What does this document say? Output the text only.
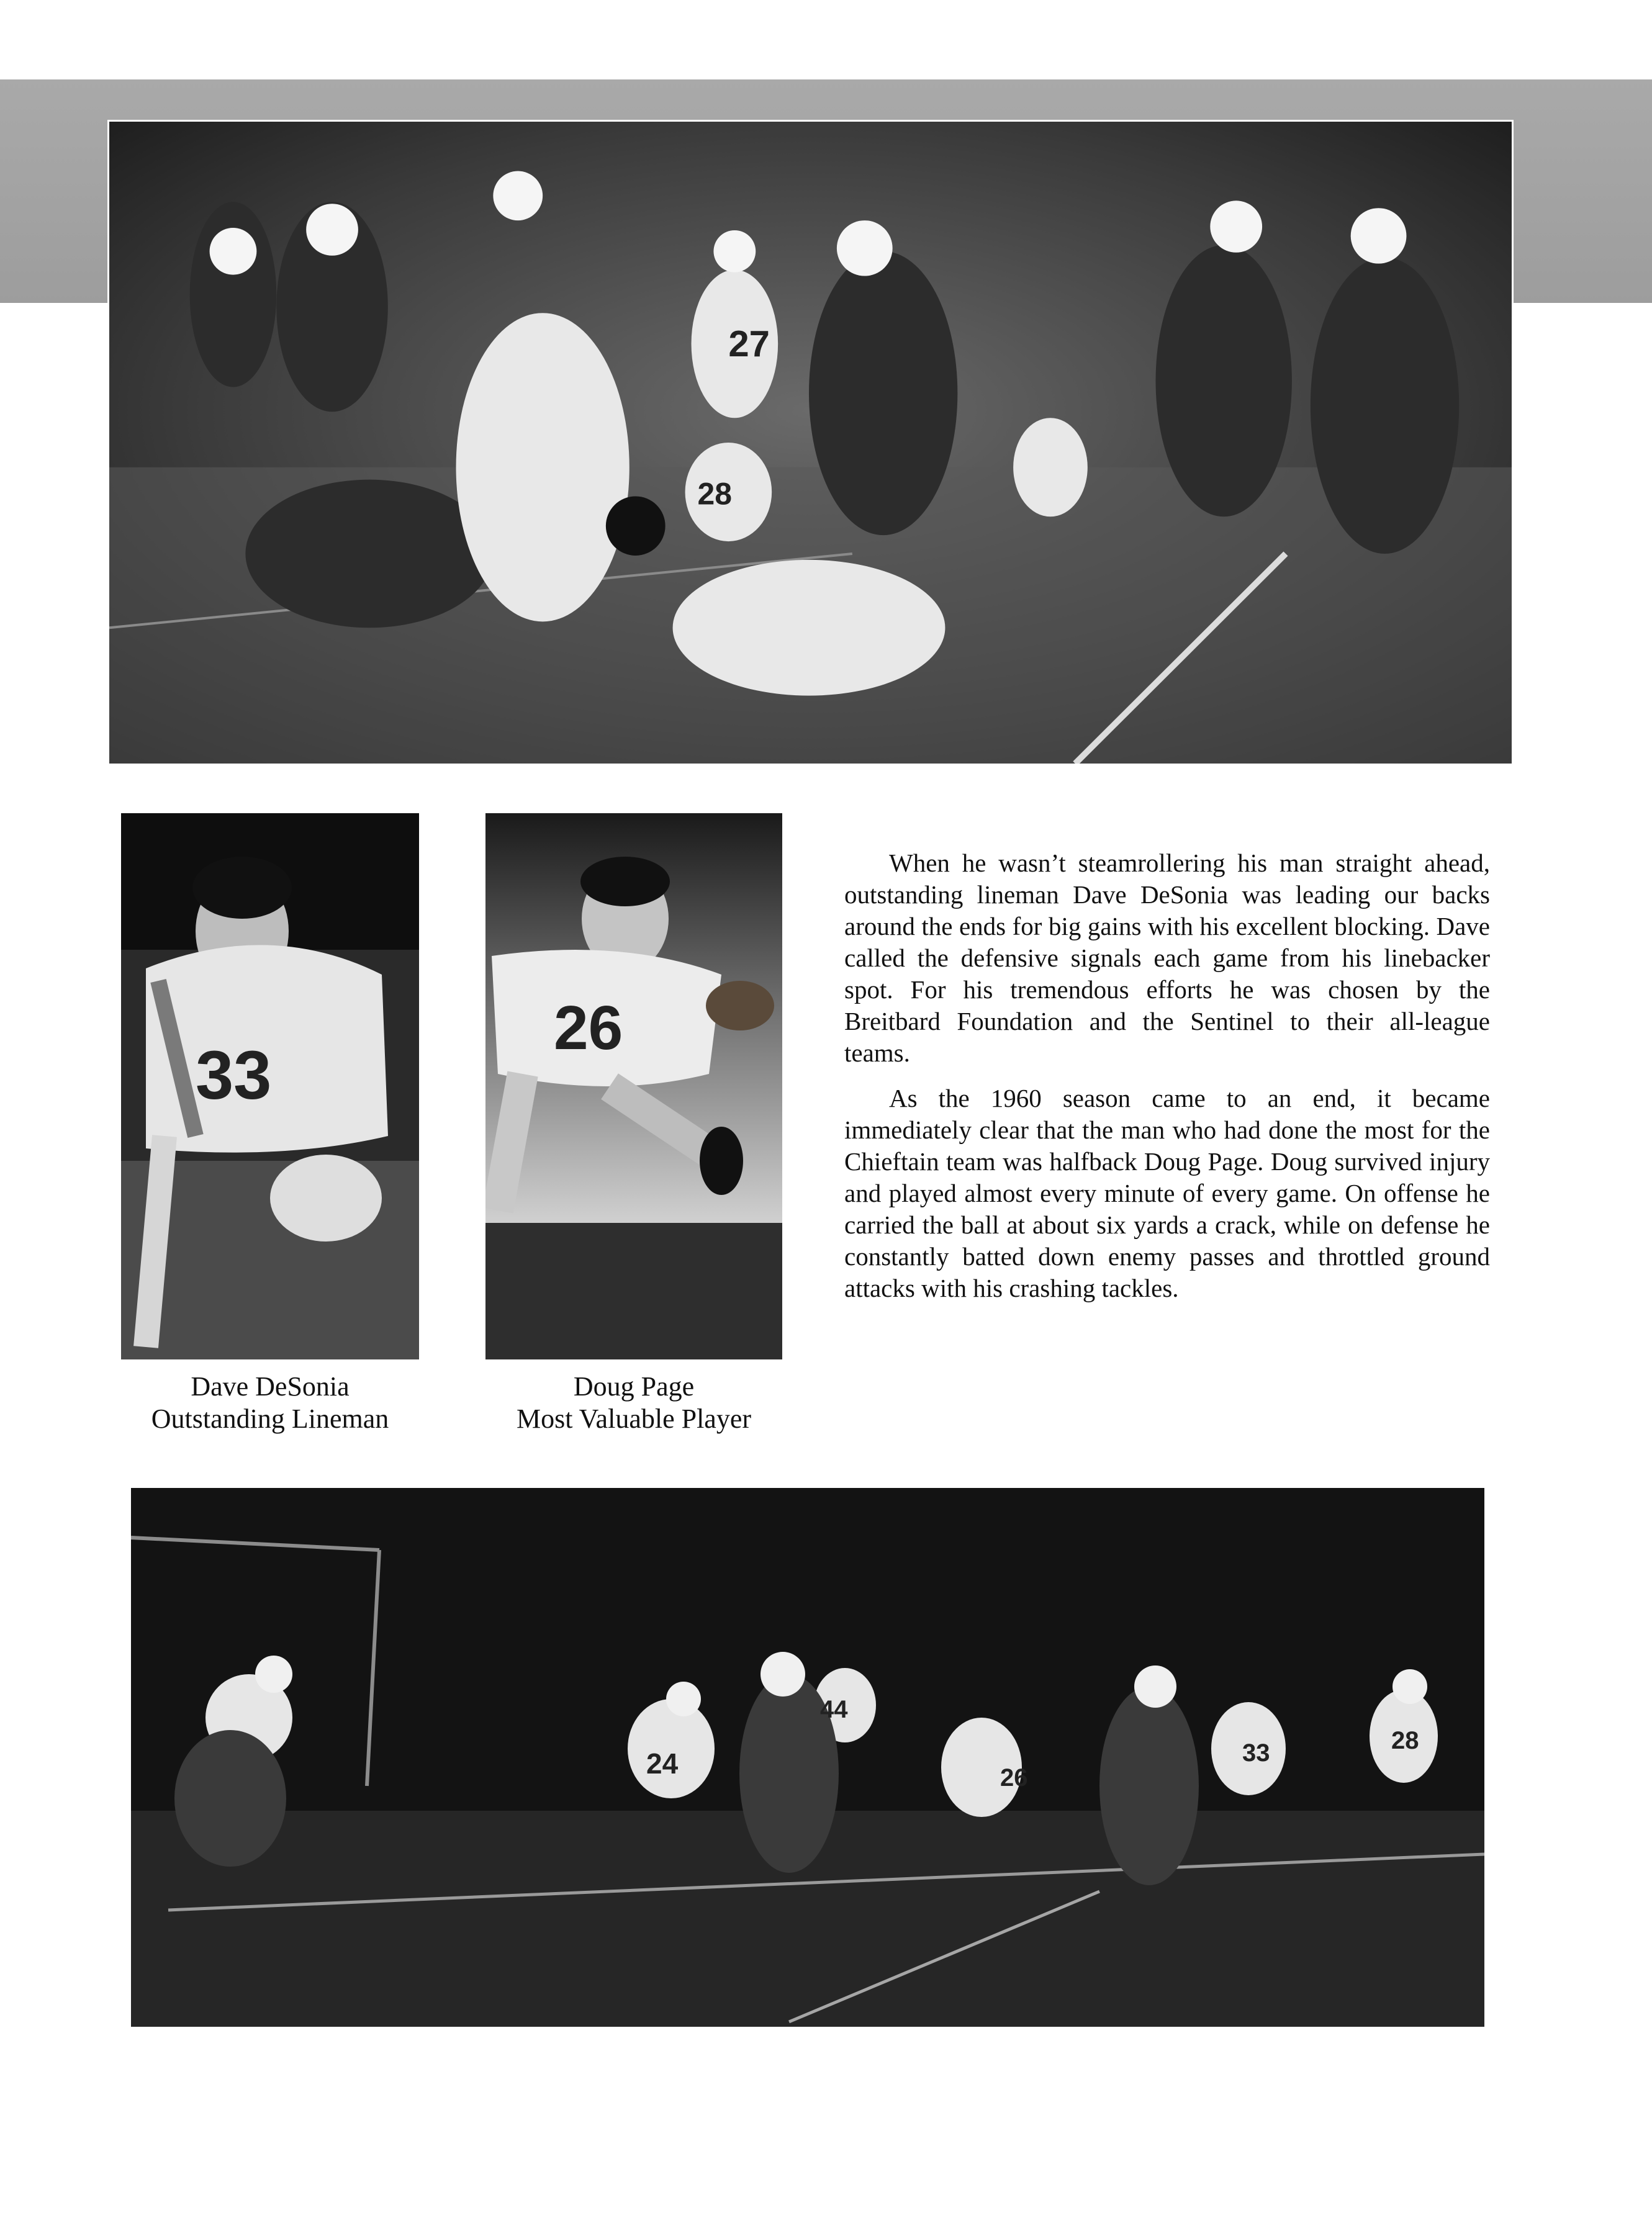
27
28
33
26
Dave DeSonia
Outstanding Lineman
Doug Page
Most Valuable Player

When he wasn’t steamrollering his man straight ahead, outstanding lineman Dave DeSonia was leading our backs around the ends for big gains with his excellent blocking. Dave called the defensive signals each game from his linebacker spot. For his tremendous efforts he was chosen by the Breitbard Foundation and the Sentinel to their all-league teams.

As the 1960 season came to an end, it became immediately clear that the man who had done the most for the Chieftain team was halfback Doug Page. Doug survived injury and played almost every minute of every game. On offense he carried the ball at about six yards a crack, while on defense he constantly batted down enemy passes and throttled ground attacks with his crashing tackles.

24
44
26
33	28
